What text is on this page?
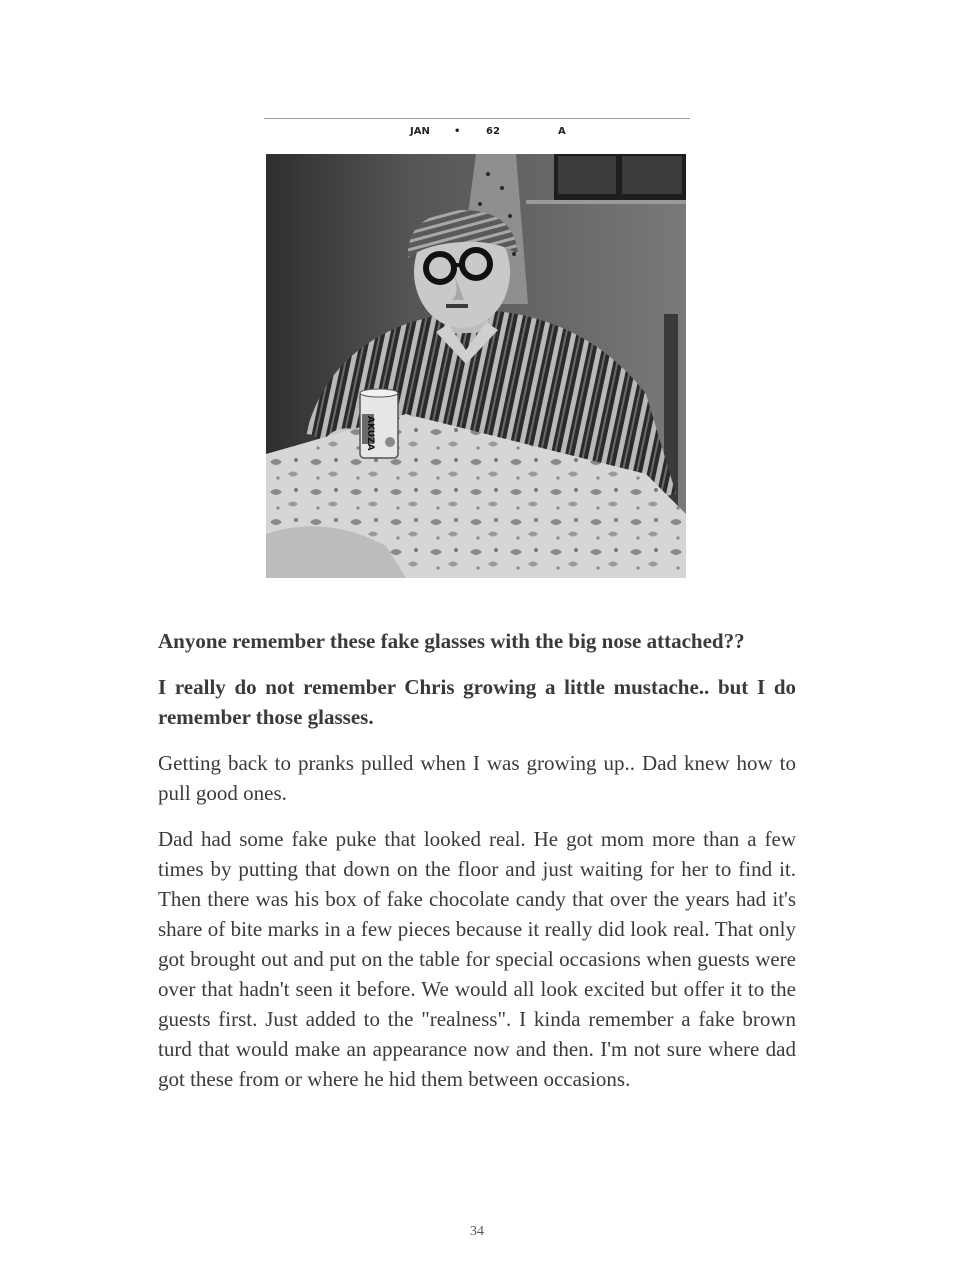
JAN •	62	A
AKUZA

Anyone remember these fake glasses with the big nose attached??

I really do not remember Chris growing a little mustache.. but I do remember those glasses.

Getting back to pranks pulled when I was growing up.. Dad knew how to pull good ones.

Dad had some fake puke that looked real. He got mom more than a few times by putting that down on the floor and just waiting for her to find it. Then there was his box of fake chocolate candy that over the years had it's share of bite marks in a few pieces because it really did look real. That only got brought out and put on the table for special occasions when guests were over that hadn't seen it before. We would all look excited but offer it to the guests first. Just added to the "realness". I kinda remember a fake brown turd that would make an appearance now and then. I'm not sure where dad got these from or where he hid them between occasions.

34
